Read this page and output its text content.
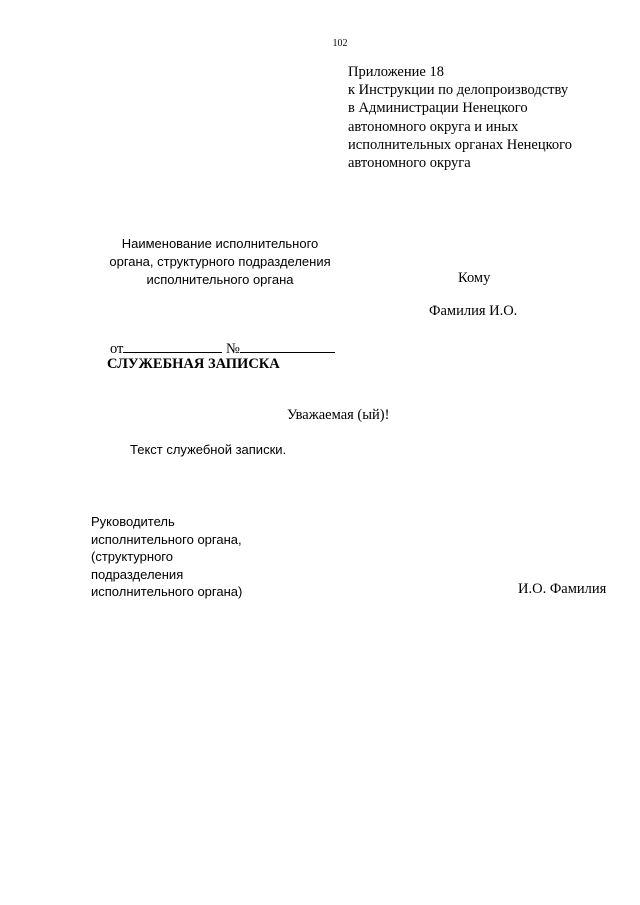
102
Приложение 18
к Инструкции по делопроизводству
в Администрации Ненецкого
автономного округа и иных
исполнительных органах Ненецкого
автономного округа
Наименование исполнительного
органа, структурного подразделения
исполнительного органа	Кому
Фамилия И.О.
от	№
СЛУЖЕБНАЯ ЗАПИСКА
Уважаемая (ый)!
Текст служебной записки.
Руководитель
исполнительного органа,
(структурного
подразделения
исполнительного органа)	И.О. Фамилия
